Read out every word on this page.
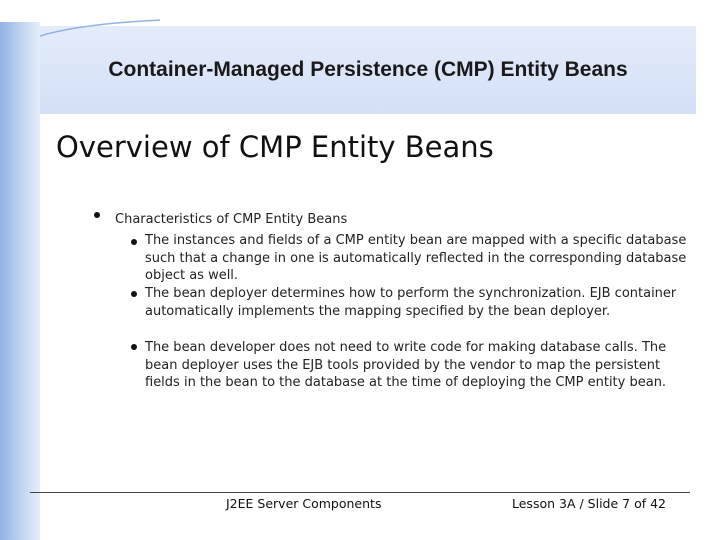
Container-Managed Persistence (CMP) Entity Beans
Overview of CMP Entity Beans
Characteristics of CMP Entity Beans
The instances and fields of a CMP entity bean are mapped with a specific database such that a change in one is automatically reflected in the corresponding database object as well.
The bean deployer determines how to perform the synchronization. EJB container automatically implements the mapping specified by the bean deployer.
The bean developer does not need to write code for making database calls. The bean deployer uses the EJB tools provided by the vendor to map the persistent fields in the bean to the database at the time of deploying the CMP entity bean.
J2EE Server Components	Lesson 3A / Slide 7 of 42
